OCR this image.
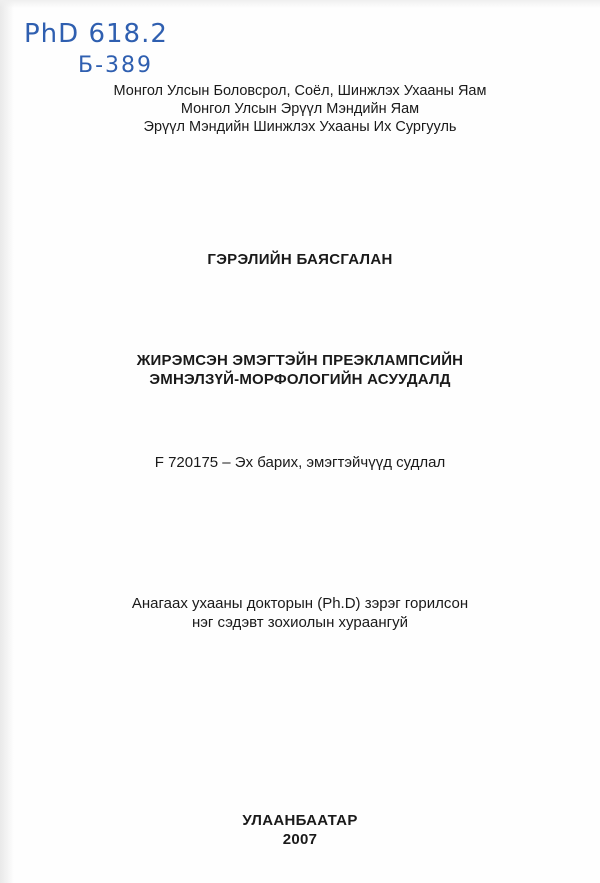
PhD 618.2
Б-389
Монгол Улсын Боловсрол, Соёл, Шинжлэх Ухааны Яам
Монгол Улсын Эрүүл Мэндийн Яам
Эрүүл Мэндийн Шинжлэх Ухааны Их Сургууль
ГЭРЭЛИЙН БАЯСГАЛАН
ЖИРЭМСЭН ЭМЭГТЭЙН ПРЕЭКЛАМПСИЙН
ЭМНЭЛЗҮЙ-МОРФОЛОГИЙН АСУУДАЛД
F 720175 – Эх барих, эмэгтэйчүүд судлал
Анагаах ухааны докторын (Ph.D) зэрэг горилсон
нэг сэдэвт зохиолын хураангуй
УЛААНБААТАР
2007
